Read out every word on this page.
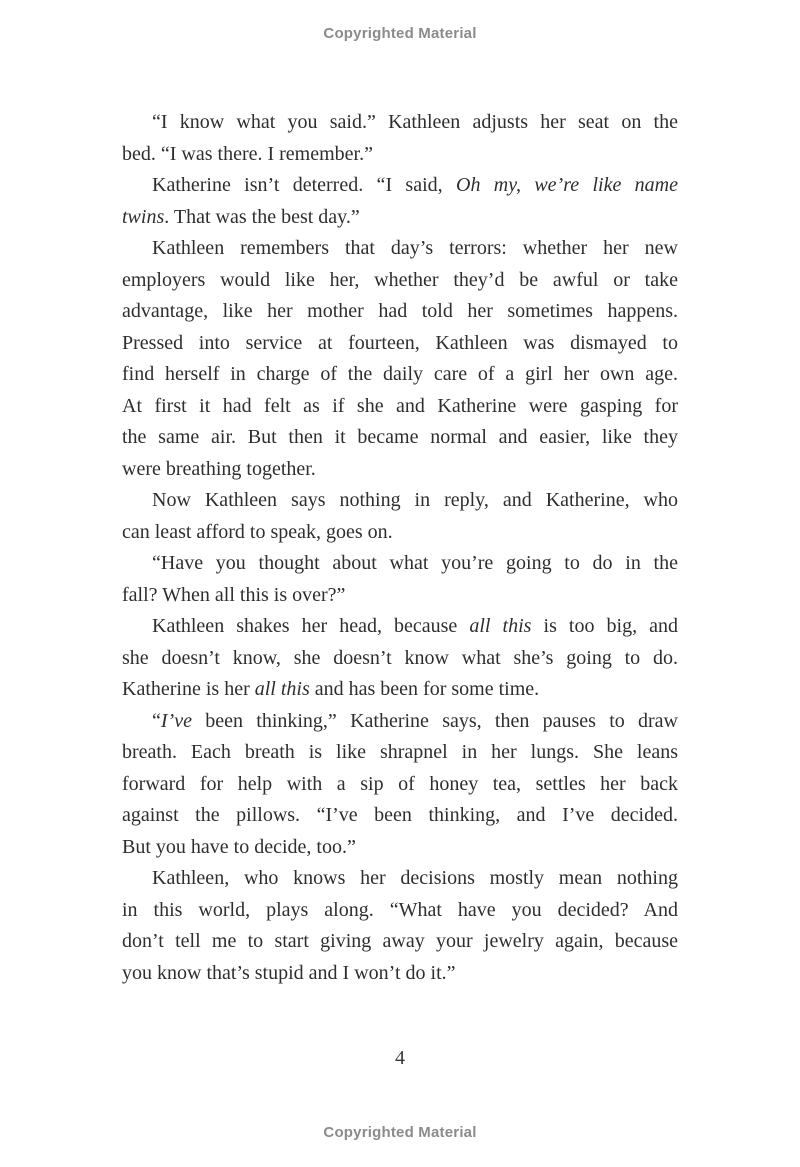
Copyrighted Material
“I know what you said.” Kathleen adjusts her seat on the
bed. “I was there. I remember.”
Katherine isn’t deterred. “I said, Oh my, we’re like name
twins. That was the best day.”
Kathleen remembers that day’s terrors: whether her new
employers would like her, whether they’d be awful or take
advantage, like her mother had told her sometimes happens.
Pressed into service at fourteen, Kathleen was dismayed to
find herself in charge of the daily care of a girl her own age.
At first it had felt as if she and Katherine were gasping for
the same air. But then it became normal and easier, like they
were breathing together.
Now Kathleen says nothing in reply, and Katherine, who
can least afford to speak, goes on.
“Have you thought about what you’re going to do in the
fall? When all this is over?”
Kathleen shakes her head, because all this is too big, and
she doesn’t know, she doesn’t know what she’s going to do.
Katherine is her all this and has been for some time.
“I’ve been thinking,” Katherine says, then pauses to draw
breath. Each breath is like shrapnel in her lungs. She leans
forward for help with a sip of honey tea, settles her back
against the pillows. “I’ve been thinking, and I’ve decided.
But you have to decide, too.”
Kathleen, who knows her decisions mostly mean nothing
in this world, plays along. “What have you decided? And
don’t tell me to start giving away your jewelry again, because
you know that’s stupid and I won’t do it.”
4
Copyrighted Material
